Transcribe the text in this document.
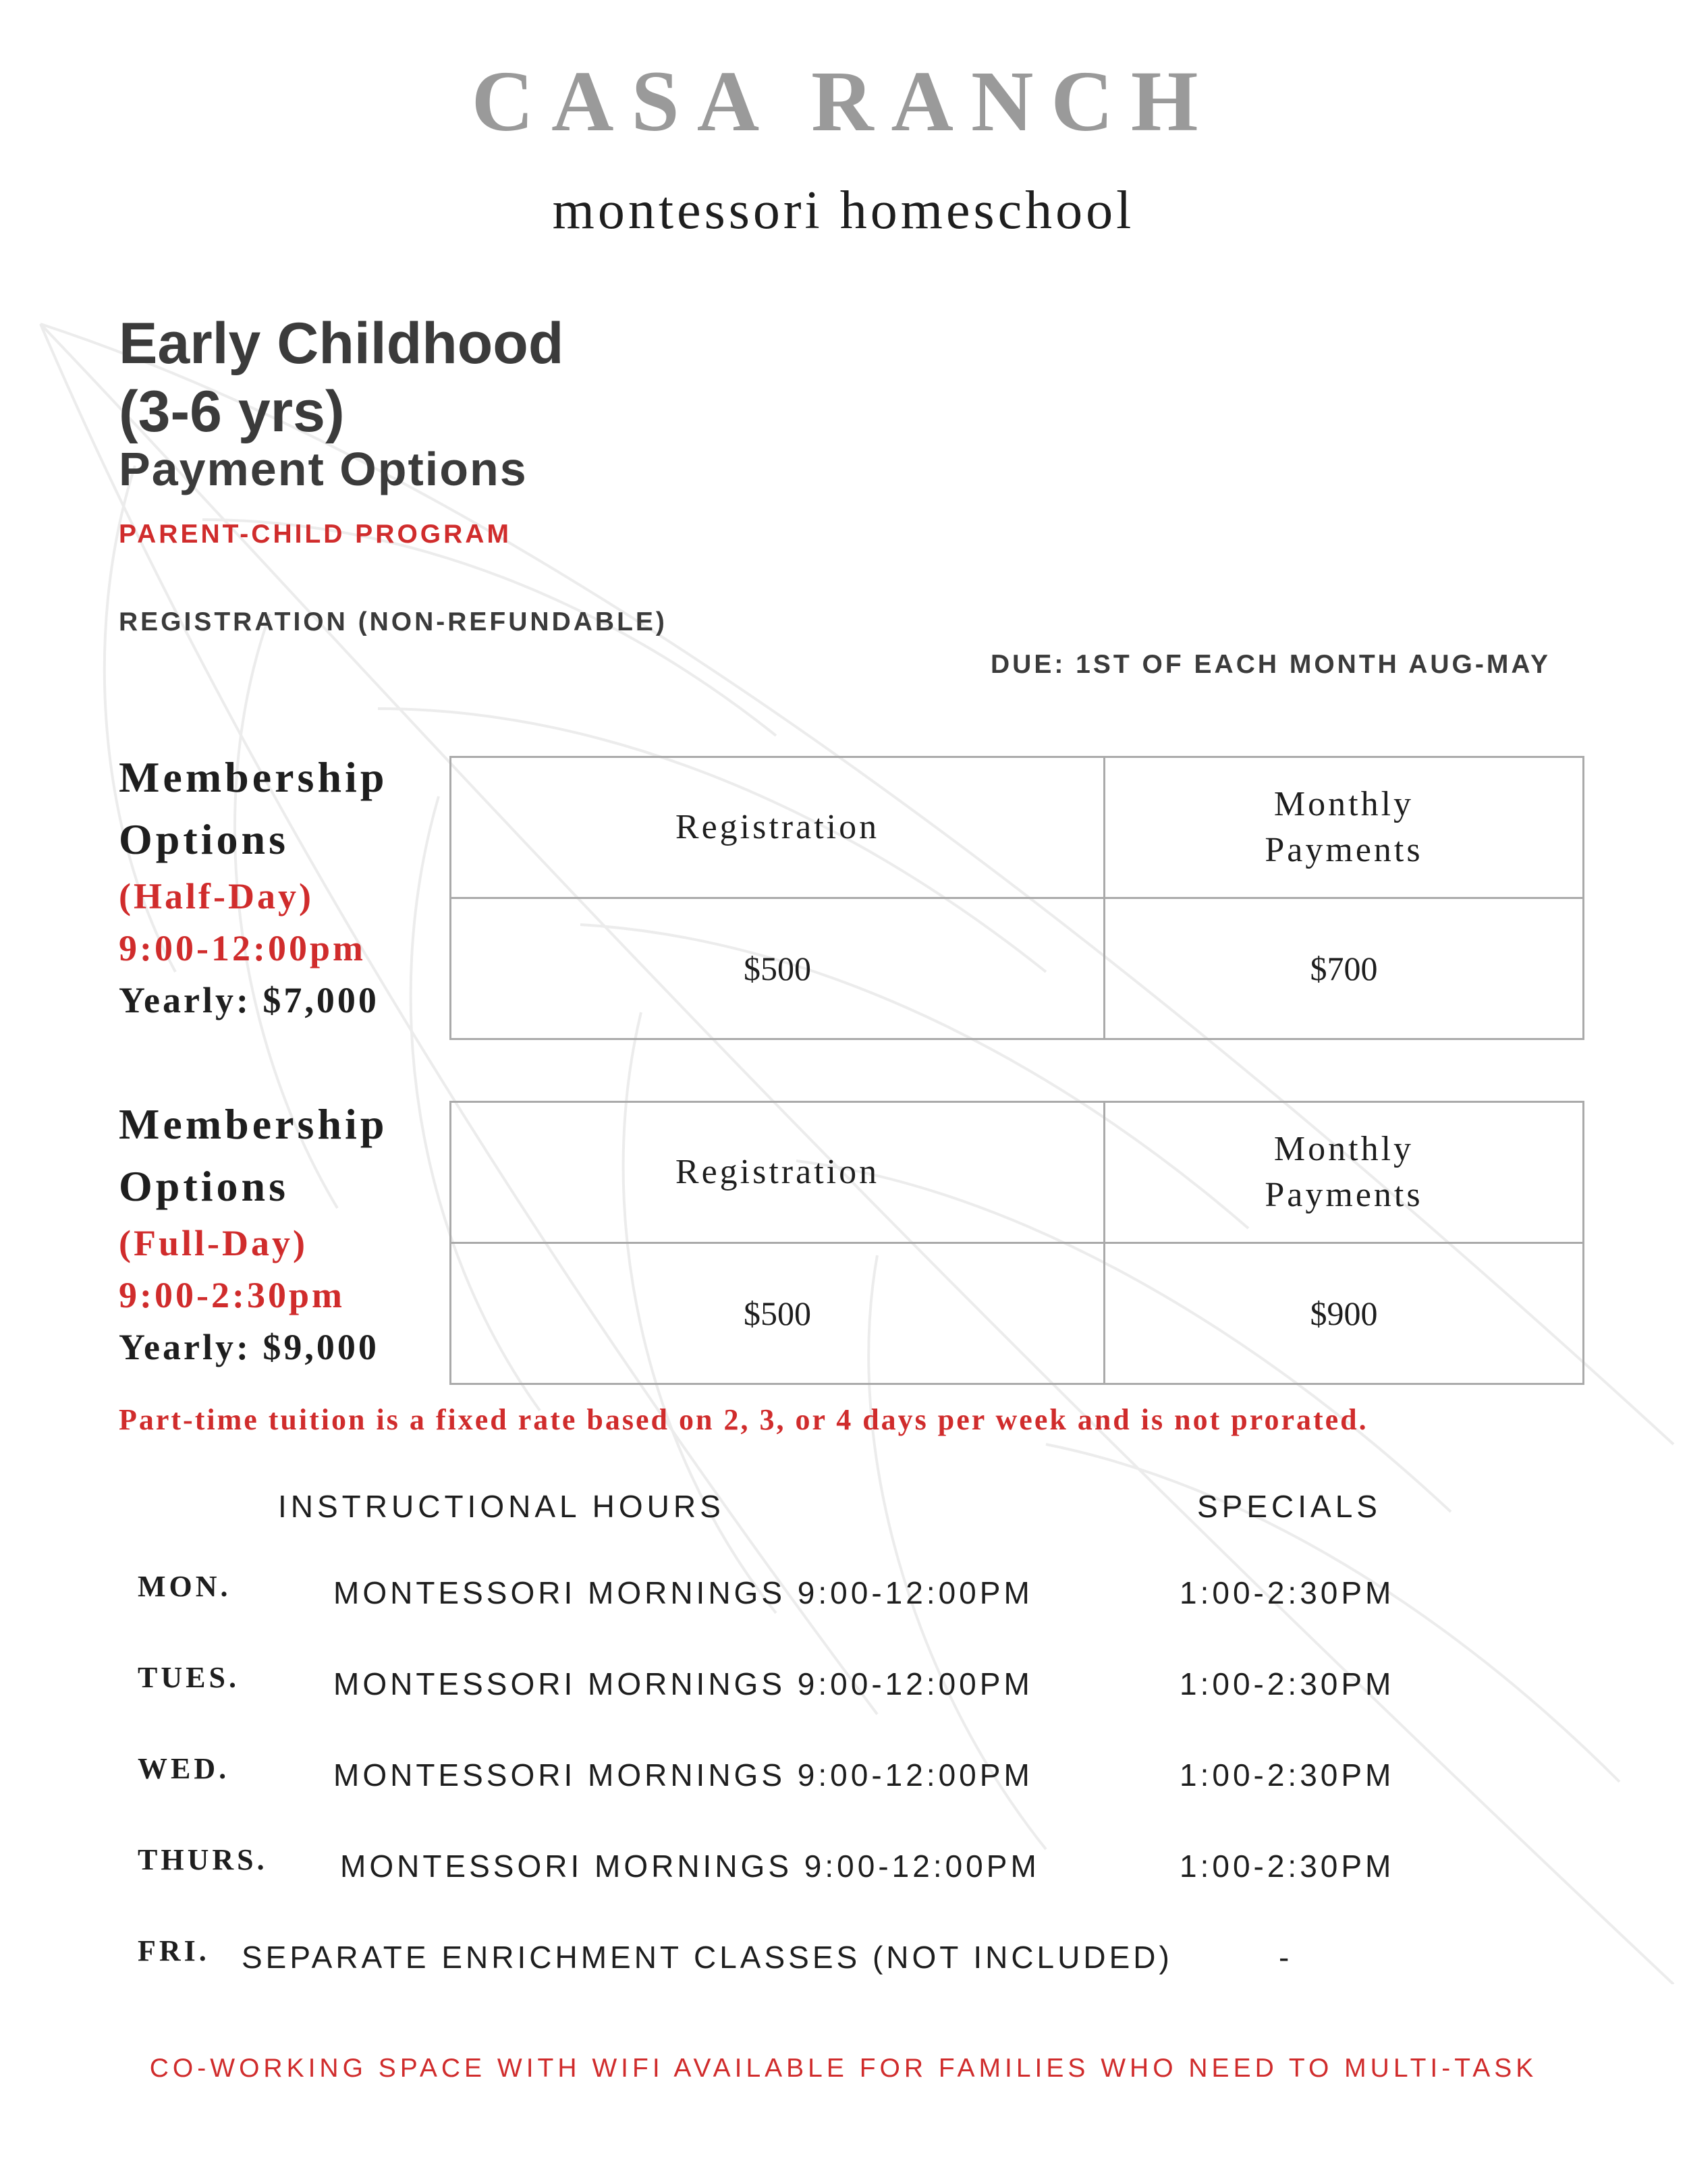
CASA RANCH
montessori homeschool
Early Childhood
(3-6 yrs)
Payment Options
PARENT-CHILD PROGRAM
REGISTRATION (NON-REFUNDABLE)
DUE: 1ST OF EACH MONTH AUG-MAY
Membership
Options
(Half-Day)
9:00-12:00pm
Yearly: $7,000
Registration	Monthly
Payments
$500	$700
Membership
Options
(Full-Day)
9:00-2:30pm
Yearly: $9,000
Registration	Monthly
Payments
$500	$900
Part-time tuition is a fixed rate based on 2, 3, or 4 days per week and is not prorated.
INSTRUCTIONAL HOURS	SPECIALS
MON.	MONTESSORI MORNINGS 9:00-12:00PM	1:00-2:30PM
TUES.	MONTESSORI MORNINGS 9:00-12:00PM	1:00-2:30PM
WED.	MONTESSORI MORNINGS 9:00-12:00PM	1:00-2:30PM
THURS. MONTESSORI MORNINGS 9:00-12:00PM	1:00-2:30PM
FRI. SEPARATE ENRICHMENT CLASSES (NOT INCLUDED)	-
CO-WORKING SPACE WITH WIFI AVAILABLE FOR FAMILIES WHO NEED TO MULTI-TASK
